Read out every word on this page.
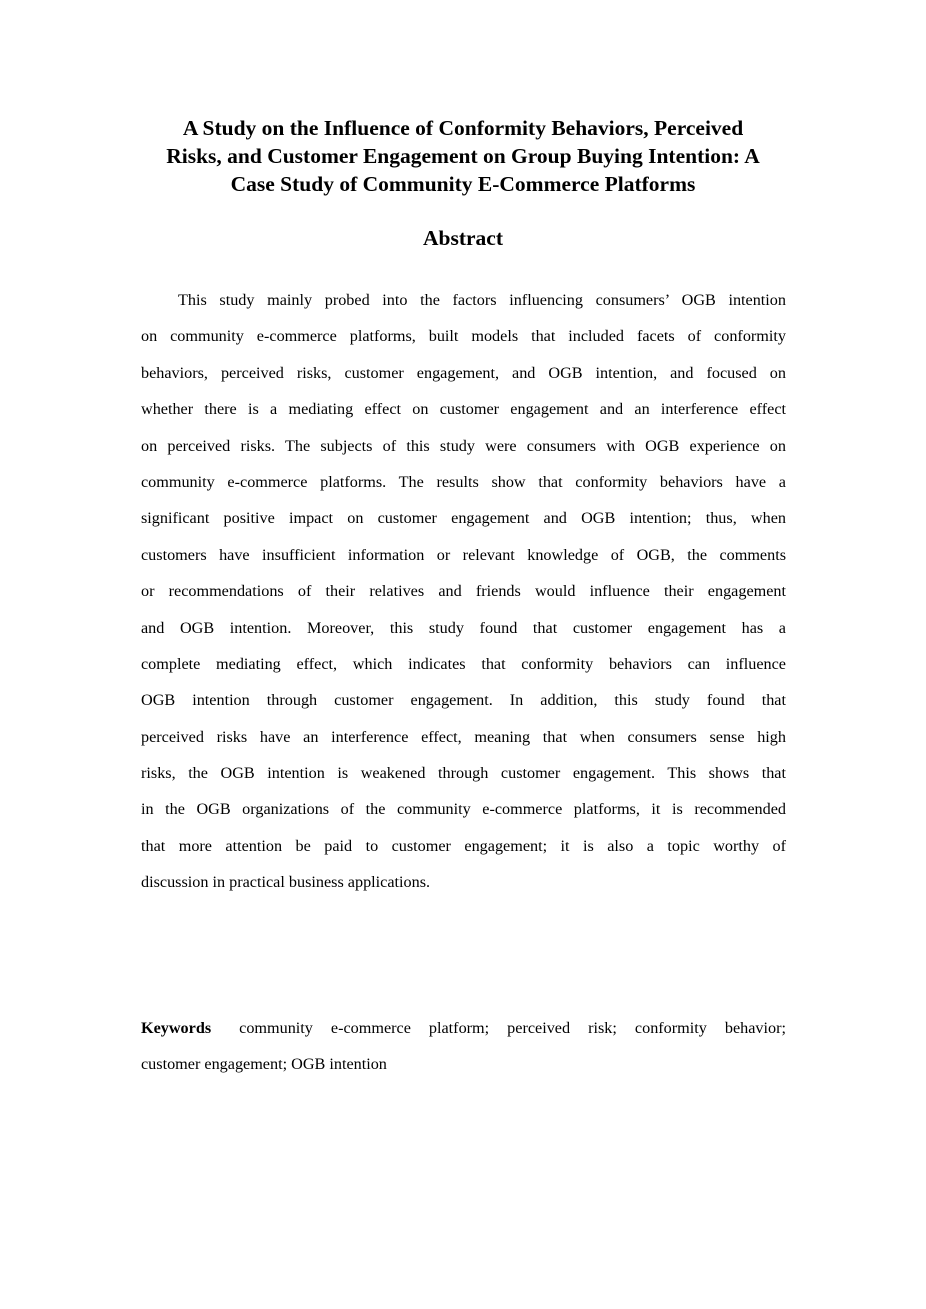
A Study on the Influence of Conformity Behaviors, Perceived
Risks, and Customer Engagement on Group Buying Intention: A
Case Study of Community E-Commerce Platforms
Abstract
This study mainly probed into the factors influencing consumers’ OGB intention
on community e-commerce platforms, built models that included facets of conformity
behaviors, perceived risks, customer engagement, and OGB intention, and focused on
whether there is a mediating effect on customer engagement and an interference effect
on perceived risks. The subjects of this study were consumers with OGB experience on
community e-commerce platforms. The results show that conformity behaviors have a
significant positive impact on customer engagement and OGB intention; thus, when
customers have insufficient information or relevant knowledge of OGB, the comments
or recommendations of their relatives and friends would influence their engagement
and OGB intention. Moreover, this study found that customer engagement has a
complete mediating effect, which indicates that conformity behaviors can influence
OGB intention through customer engagement. In addition, this study found that
perceived risks have an interference effect, meaning that when consumers sense high
risks, the OGB intention is weakened through customer engagement. This shows that
in the OGB organizations of the community e-commerce platforms, it is recommended
that more attention be paid to customer engagement; it is also a topic worthy of
discussion in practical business applications.
Keywords community e-commerce platform; perceived risk; conformity behavior;
customer engagement; OGB intention
